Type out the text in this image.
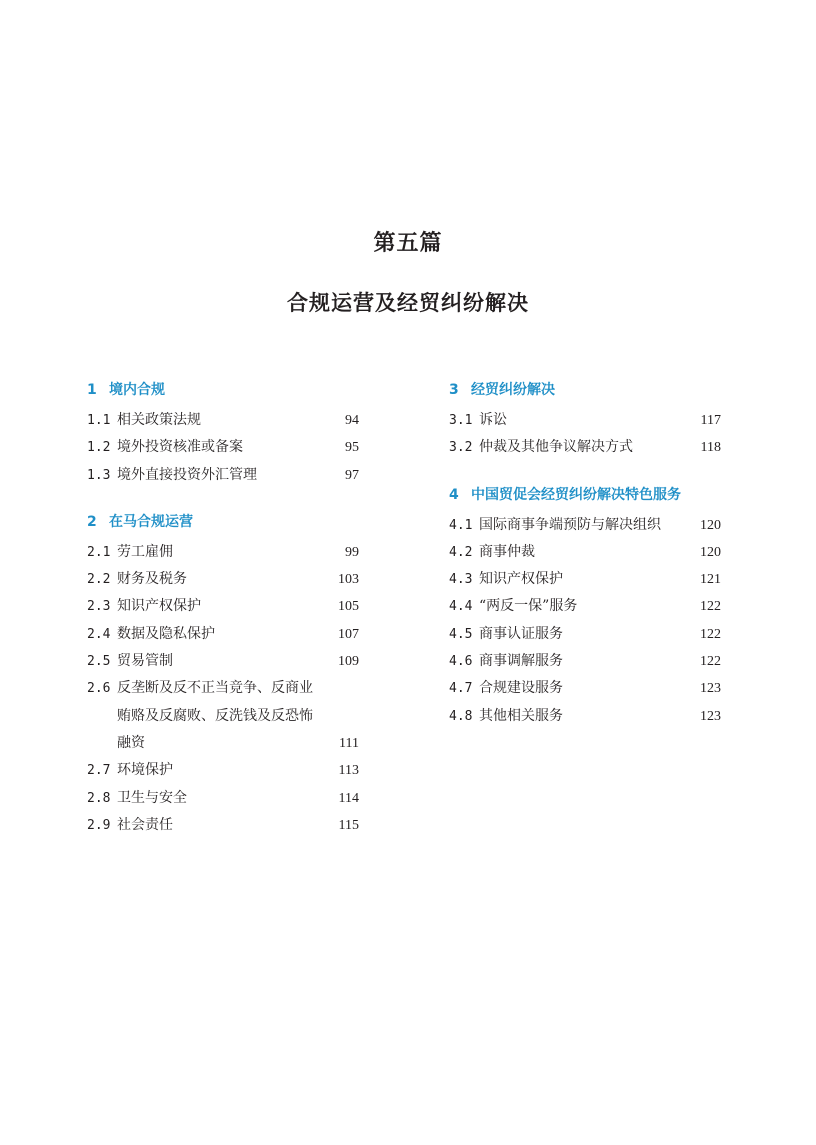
第五篇
合规运营及经贸纠纷解决
1 境内合规
1.1 相关政策法规	94
1.2 境外投资核准或备案	95
1.3 境外直接投资外汇管理	97
2 在马合规运营
2.1 劳工雇佣	99
2.2 财务及税务	103
2.3 知识产权保护	105
2.4 数据及隐私保护	107
2.5 贸易管制	109
2.6 反垄断及反不正当竞争、反商业
贿赂及反腐败、反洗钱及反恐怖
融资	111
2.7 环境保护	113
2.8 卫生与安全	114
2.9 社会责任	115
3 经贸纠纷解决
3.1 诉讼	117
3.2 仲裁及其他争议解决方式	118
4 中国贸促会经贸纠纷解决特色服务
4.1 国际商事争端预防与解决组织	120
4.2 商事仲裁	120
4.3 知识产权保护	121
4.4 “两反一保”服务	122
4.5 商事认证服务	122
4.6 商事调解服务	122
4.7 合规建设服务	123
4.8 其他相关服务	123
